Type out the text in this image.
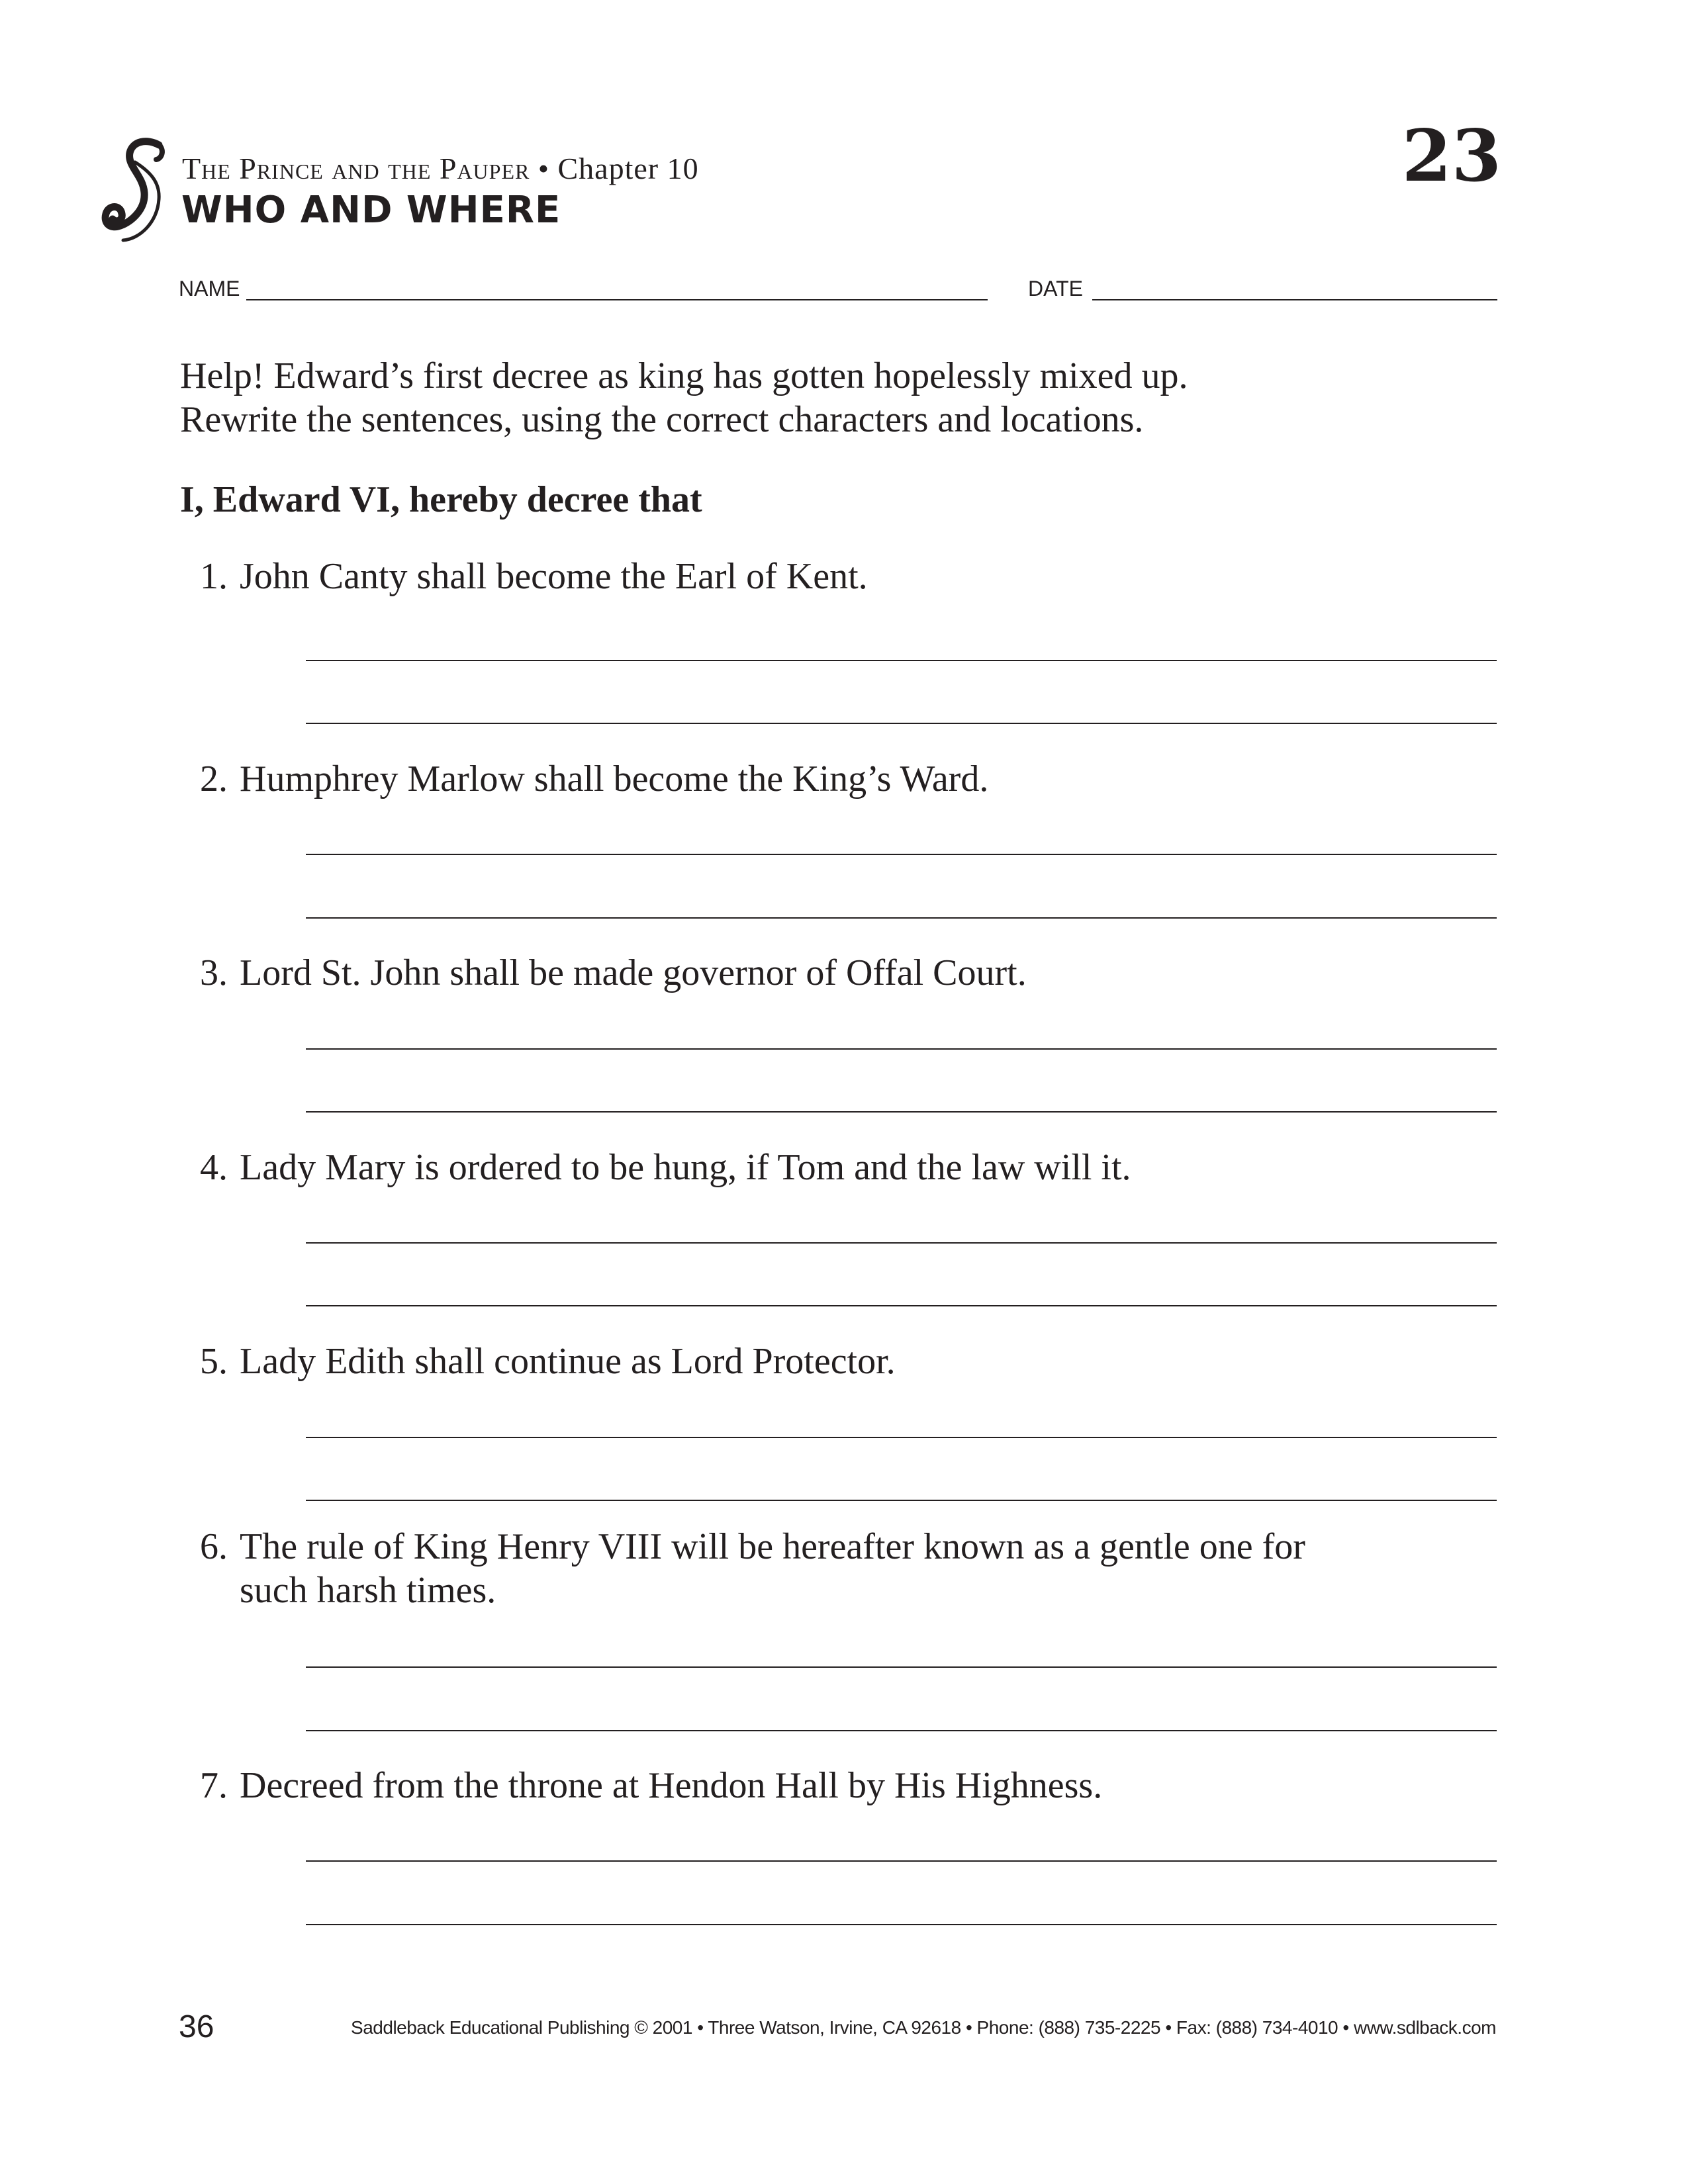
The Prince and the Pauper • Chapter 10
WHO AND WHERE
23
NAME	DATE

Help! Edward’s first decree as king has gotten hopelessly mixed up.

Rewrite the sentences, using the correct characters and locations.

I, Edward VI, hereby decree that
1. John Canty shall become the Earl of Kent.
2. Humphrey Marlow shall become the King’s Ward.
3. Lord St. John shall be made governor of Offal Court.
4. Lady Mary is ordered to be hung, if Tom and the law will it.
5. Lady Edith shall continue as Lord Protector.
6. The rule of King Henry VIII will be hereafter known as a gentle one for such harsh times.
7. Decreed from the throne at Hendon Hall by His Highness.
36	Saddleback Educational Publishing © 2001 • Three Watson, Irvine, CA 92618 • Phone: (888) 735-2225 • Fax: (888) 734-4010 • www.sdlback.com
